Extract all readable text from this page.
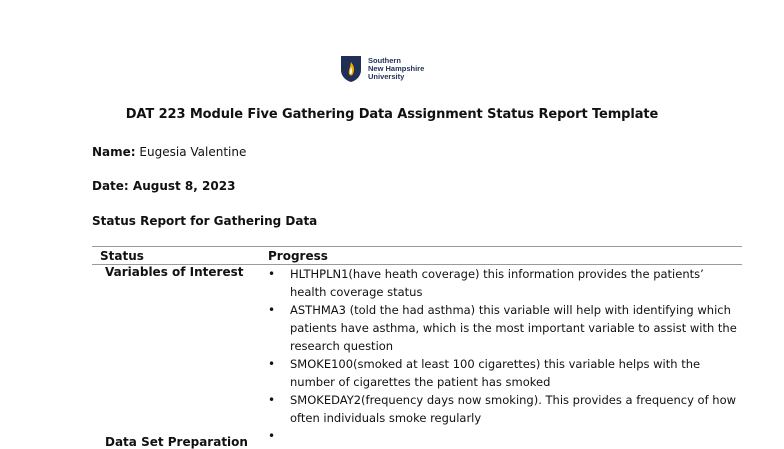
Southern
New Hampshire
University
DAT 223 Module Five Gathering Data Assignment Status Report Template
Name: Eugesia Valentine
Date: August 8, 2023
Status Report for Gathering Data
Status	Progress
Variables of Interest
•	HLTHPLN1(have heath coverage) this information provides the patients’ health coverage status
• ASTHMA3 (told the had asthma) this variable will help with identifying which patients have asthma, which is the most important variable to assist with the research question
• SMOKE100(smoked at least 100 cigarettes) this variable helps with the number of cigarettes the patient has smoked
• SMOKEDAY2(frequency days now smoking). This provides a frequency of how often individuals smoke regularly
•
Data Set Preparation
